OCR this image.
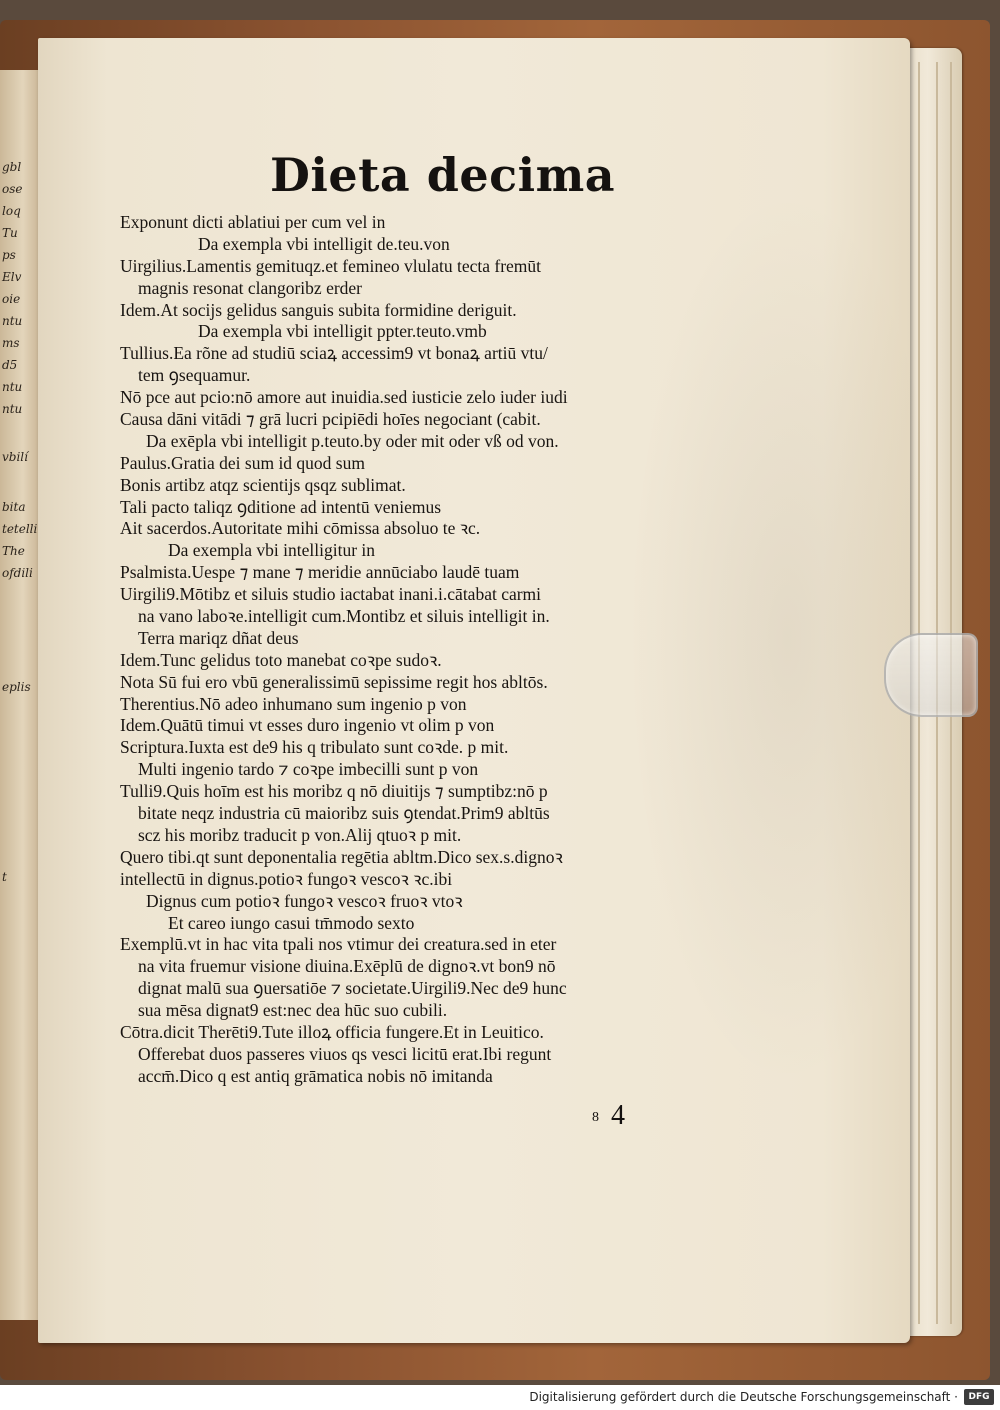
gbl
ose
loq
Tu
ps
Elv
oie
ntu
ms
d5
ntu
ntu
vbilí
bita
tetelli
The
ofdili
eplis
t
Dieta decima
Exponunt dicti ablatiui per cum vel in
Da exempla vbi intelligit de.teu.von
Uirgilius.Lamentis gemituqz.et femineo vlulatu tecta fremūt
magnis resonat clangoribz erder
Idem.At socijs gelidus sanguis subita formidine deriguit.
Da exempla vbi intelligit ppter.teuto.vmb
Tullius.Ea rõne ad studiū sciaꝝ accessim9 vt bonaꝝ artiū vtu/
tem ꝯsequamur.
Nō pce aut pcio:nō amore aut inuidia.sed iusticie zelo iuder iudi
Causa dāni vitādi ⁊ grā lucri pcipiēdi hoīes negociant (cabit.
Da exēpla vbi intelligit p.teuto.by oder mit oder vß od von.
Paulus.Gratia dei sum id quod sum
Bonis artibz atqz scientijs qsqz sublimat.
Tali pacto taliqz ꝯditione ad intentū veniemus
Ait sacerdos.Autoritate mihi cōmissa absoluo te ꝛc.
Da exempla vbi intelligitur in
Psalmista.Uespe ⁊ mane ⁊ meridie annūciabo laudē tuam
Uirgili9.Mōtibz et siluis studio iactabat inani.i.cātabat carmi
na vano laboꝛe.intelligit cum.Montibz et siluis intelligit in.
Terra mariqz dñat deus
Idem.Tunc gelidus toto manebat coꝛpe sudoꝛ.
Nota Sū fui ero vbū generalissimū sepissime regit hos abltōs.
Therentius.Nō adeo inhumano sum ingenio p von
Idem.Quātū timui vt esses duro ingenio vt olim p von
Scriptura.Iuxta est de9 his q tribulato sunt coꝛde. p mit.
Multi ingenio tardo ⁊ coꝛpe imbecilli sunt p von
Tulli9.Quis hoīm est his moribz q nō diuitijs ⁊ sumptibz:nō p
bitate neqz industria cū maioribz suis ꝯtendat.Prim9 abltūs
scz his moribz traducit p von.Alij qtuoꝛ p mit.
Quero tibi.qt sunt deponentalia regētia abltm.Dico sex.s.dignoꝛ
intellectū in dignus.potioꝛ fungoꝛ vescoꝛ ꝛc.ibi
Dignus cum potioꝛ fungoꝛ vescoꝛ fruoꝛ vtoꝛ
Et careo iungo casui tm̄modo sexto
Exemplū.vt in hac vita tpali nos vtimur dei creatura.sed in eter
na vita fruemur visione diuina.Exēplū de dignoꝛ.vt bon9 nō
dignat malū sua ꝯuersatiōe ⁊ societate.Uirgili9.Nec de9 hunc
sua mēsa dignat9 est:nec dea hūc suo cubili.
Cōtra.dicit Therēti9.Tute illoꝝ officia fungere.Et in Leuitico.
Offerebat duos passeres viuos qs vesci licitū erat.Ibi regunt
accm̄.Dico q est antiq grāmatica nobis nō imitanda
8 4
Digitalisierung gefördert durch die Deutsche Forschungsgemeinschaft ·	DFG
